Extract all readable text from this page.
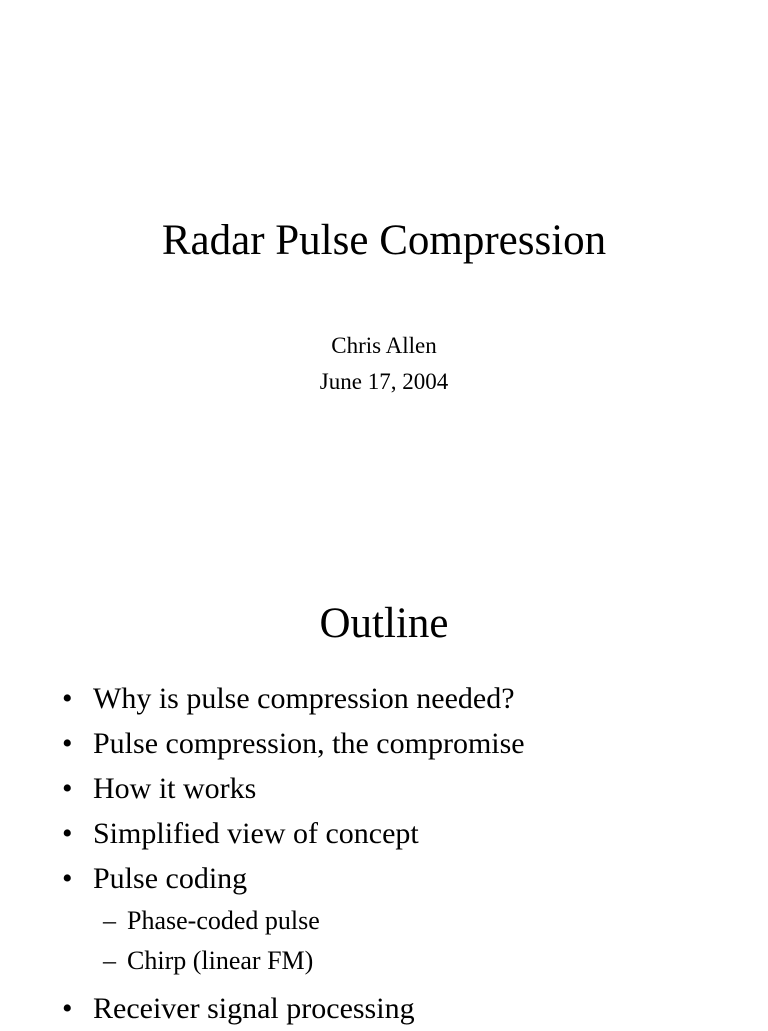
Radar Pulse Compression

Chris Allen

June 17, 2004

Outline
• Why is pulse compression needed?
• Pulse compression, the compromise
• How it works
• Simplified view of concept
• Pulse coding
– Phase-coded pulse
– Chirp (linear FM)
• Receiver signal processing
